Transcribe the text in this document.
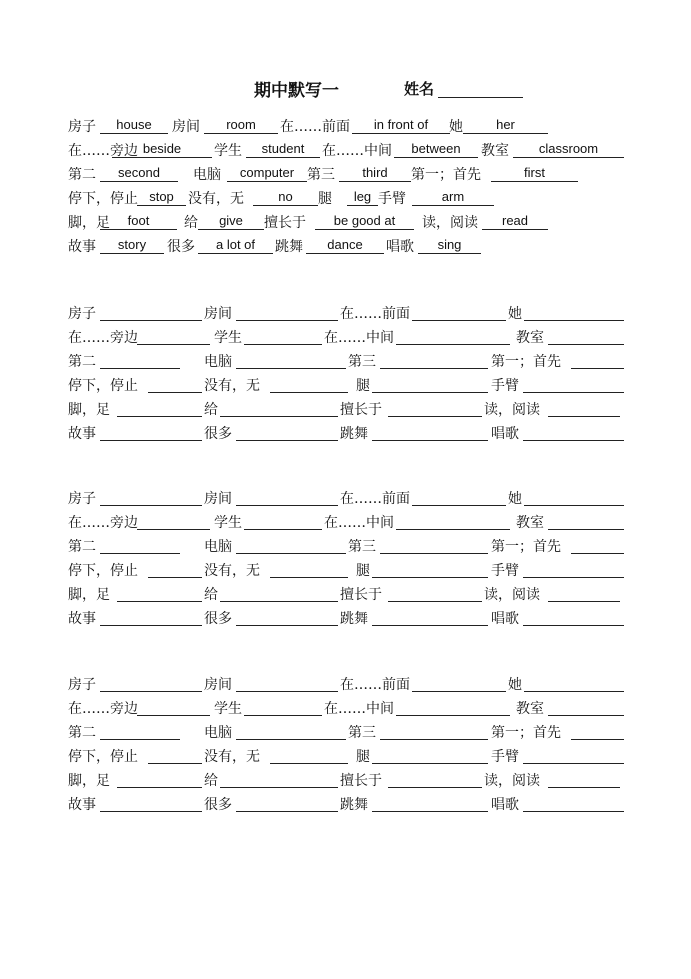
期中默写一	姓名
房子	house	房间	room	在……前面	in front of	她	her
在……旁边 beside	学生	student	在……中间	between	教室	classroom
第二	second	电脑	computer 第三	third	第一；首先	first
停下，停止 stop	没有，无	no	腿	leg 手臂	arm
脚，足	foot	给	give	擅长于	be good at	读，阅读	read
故事	story	很多	a lot of	跳舞	dance	唱歌	sing
房子	房间	在……前面	她
在……旁边	学生	在……中间	教室
第二	电脑	第三	第一；首先
停下，停止	没有，无	腿	手臂
脚，足	给	擅长于	读，阅读
故事	很多	跳舞	唱歌
房子	房间	在……前面	她
在……旁边	学生	在……中间	教室
第二	电脑	第三	第一；首先
停下，停止	没有，无	腿	手臂
脚，足	给	擅长于	读，阅读
故事	很多	跳舞	唱歌
房子	房间	在……前面	她
在……旁边	学生	在……中间	教室
第二	电脑	第三	第一；首先
停下，停止	没有，无	腿	手臂
脚，足	给	擅长于	读，阅读
故事	很多	跳舞	唱歌
